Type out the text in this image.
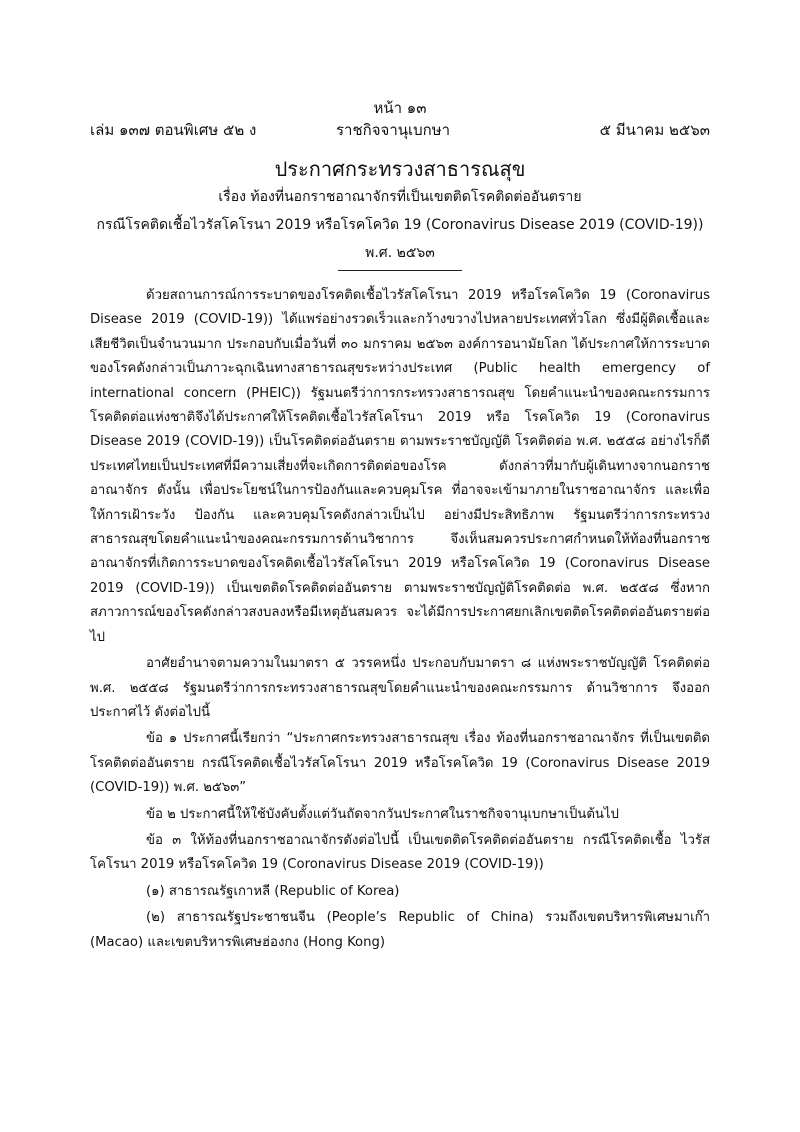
หน้า ๑๓
เล่ม ๑๓๗ ตอนพิเศษ ๕๒ ง	ราชกิจจานุเบกษา	๕ มีนาคม ๒๕๖๓
ประกาศกระทรวงสาธารณสุข
เรื่อง ท้องที่นอกราชอาณาจักรที่เป็นเขตติดโรคติดต่ออันตราย
กรณีโรคติดเชื้อไวรัสโคโรนา 2019 หรือโรคโควิด 19 (Coronavirus Disease 2019 (COVID-19))
พ.ศ. ๒๕๖๓

ด้วยสถานการณ์การระบาดของโรคติดเชื้อไวรัสโคโรนา 2019 หรือโรคโควิด 19 (Coronavirus Disease 2019 (COVID-19)) ได้แพร่อย่างรวดเร็วและกว้างขวางไปหลายประเทศทั่วโลก ซึ่งมีผู้ติดเชื้อและเสียชีวิตเป็นจำนวนมาก ประกอบกับเมื่อวันที่ ๓๐ มกราคม ๒๕๖๓ องค์การอนามัยโลก ได้ประกาศให้การระบาดของโรคดังกล่าวเป็นภาวะฉุกเฉินทางสาธารณสุขระหว่างประเทศ (Public health emergency of international concern (PHEIC)) รัฐมนตรีว่าการกระทรวงสาธารณสุข โดยคำแนะนำของคณะกรรมการโรคติดต่อแห่งชาติจึงได้ประกาศให้โรคติดเชื้อไวรัสโคโรนา 2019 หรือ โรคโควิด 19 (Coronavirus Disease 2019 (COVID-19)) เป็นโรคติดต่ออันตราย ตามพระราชบัญญัติ โรคติดต่อ พ.ศ. ๒๕๕๘ อย่างไรก็ดี ประเทศไทยเป็นประเทศที่มีความเสี่ยงที่จะเกิดการติดต่อของโรค ดังกล่าวที่มากับผู้เดินทางจากนอกราชอาณาจักร ดังนั้น เพื่อประโยชน์ในการป้องกันและควบคุมโรค ที่อาจจะเข้ามาภายในราชอาณาจักร และเพื่อให้การเฝ้าระวัง ป้องกัน และควบคุมโรคดังกล่าวเป็นไป อย่างมีประสิทธิภาพ รัฐมนตรีว่าการกระทรวงสาธารณสุขโดยคำแนะนำของคณะกรรมการด้านวิชาการ จึงเห็นสมควรประกาศกำหนดให้ท้องที่นอกราชอาณาจักรที่เกิดการระบาดของโรคติดเชื้อไวรัสโคโรนา 2019 หรือโรคโควิด 19 (Coronavirus Disease 2019 (COVID-19)) เป็นเขตติดโรคติดต่ออันตราย ตามพระราชบัญญัติโรคติดต่อ พ.ศ. ๒๕๕๘ ซึ่งหากสภาวการณ์ของโรคดังกล่าวสงบลงหรือมีเหตุอันสมควร จะได้มีการประกาศยกเลิกเขตติดโรคติดต่ออันตรายต่อไป

อาศัยอำนาจตามความในมาตรา ๕ วรรคหนึ่ง ประกอบกับมาตรา ๘ แห่งพระราชบัญญัติ โรคติดต่อ พ.ศ. ๒๕๕๘ รัฐมนตรีว่าการกระทรวงสาธารณสุขโดยคำแนะนำของคณะกรรมการ ด้านวิชาการ จึงออกประกาศไว้ ดังต่อไปนี้

ข้อ ๑ ประกาศนี้เรียกว่า “ประกาศกระทรวงสาธารณสุข เรื่อง ท้องที่นอกราชอาณาจักร ที่เป็นเขตติดโรคติดต่ออันตราย กรณีโรคติดเชื้อไวรัสโคโรนา 2019 หรือโรคโควิด 19 (Coronavirus Disease 2019 (COVID-19)) พ.ศ. ๒๕๖๓”

ข้อ ๒ ประกาศนี้ให้ใช้บังคับตั้งแต่วันถัดจากวันประกาศในราชกิจจานุเบกษาเป็นต้นไป

ข้อ ๓ ให้ท้องที่นอกราชอาณาจักรดังต่อไปนี้ เป็นเขตติดโรคติดต่ออันตราย กรณีโรคติดเชื้อ ไวรัสโคโรนา 2019 หรือโรคโควิด 19 (Coronavirus Disease 2019 (COVID-19))

(๑) สาธารณรัฐเกาหลี (Republic of Korea)

(๒) สาธารณรัฐประชาชนจีน (People’s Republic of China) รวมถึงเขตบริหารพิเศษมาเก๊า (Macao) และเขตบริหารพิเศษฮ่องกง (Hong Kong)
